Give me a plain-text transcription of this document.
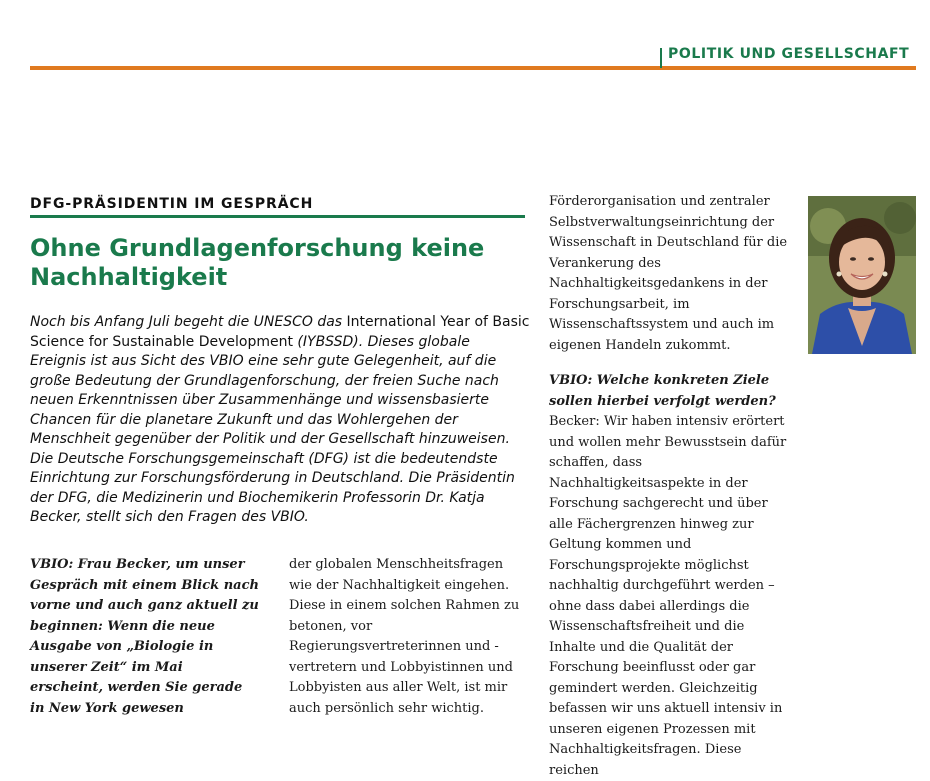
POLITIK UND GESELLSCHAFT
DFG-PRÄSIDENTIN IM GESPRÄCH
Ohne Grundlagenforschung keine Nachhaltigkeit

Noch bis Anfang Juli begeht die UNESCO das International Year of Basic Science for Sustainable Development (IYBSSD). Dieses globale Ereignis ist aus Sicht des VBIO eine sehr gute Gelegenheit, auf die große Bedeutung der Grundlagenforschung, der freien Suche nach neuen Erkenntnissen über Zusammenhänge und wissensbasierte Chancen für die planetare Zukunft und das Wohlergehen der Menschheit gegenüber der Politik und der Gesellschaft hinzuweisen. Die Deutsche Forschungsgemeinschaft (DFG) ist die bedeutendste Einrichtung zur Forschungsförderung in Deutschland. Die Präsidentin der DFG, die Medizinerin und Biochemikerin Professorin Dr. Katja Becker, stellt sich den Fragen des VBIO.

VBIO: Frau Becker, um unser Gespräch mit einem Blick nach vorne und auch ganz aktuell zu beginnen: Wenn die neue Ausgabe von „Biologie in unserer Zeit“ im Mai erscheint, werden Sie gerade in New York gewesen

der globalen Menschheitsfragen wie der Nachhaltigkeit eingehen. Diese in einem solchen Rahmen zu betonen, vor Regierungsvertreterinnen und -vertretern und Lobbyistinnen und Lobbyisten aus aller Welt, ist mir auch persönlich sehr wichtig.

Förderorganisation und zentraler Selbstverwaltungseinrichtung der Wissenschaft in Deutschland für die Verankerung des Nachhaltigkeitsgedankens in der Forschungsarbeit, im Wissenschaftssystem und auch im eigenen Handeln zukommt.

VBIO: Welche konkreten Ziele sollen hierbei verfolgt werden?

Becker: Wir haben intensiv erörtert und wollen mehr Bewusstsein dafür schaffen, dass Nachhaltigkeitsaspekte in der Forschung sachgerecht und über alle Fächergrenzen hinweg zur Geltung kommen und Forschungsprojekte möglichst nachhaltig durchgeführt werden – ohne dass dabei allerdings die Wissenschaftsfreiheit und die Inhalte und die Qualität der Forschung beeinflusst oder gar gemindert werden. Gleichzeitig befassen wir uns aktuell intensiv in unseren eigenen Prozessen mit Nachhaltigkeitsfragen. Diese reichen
